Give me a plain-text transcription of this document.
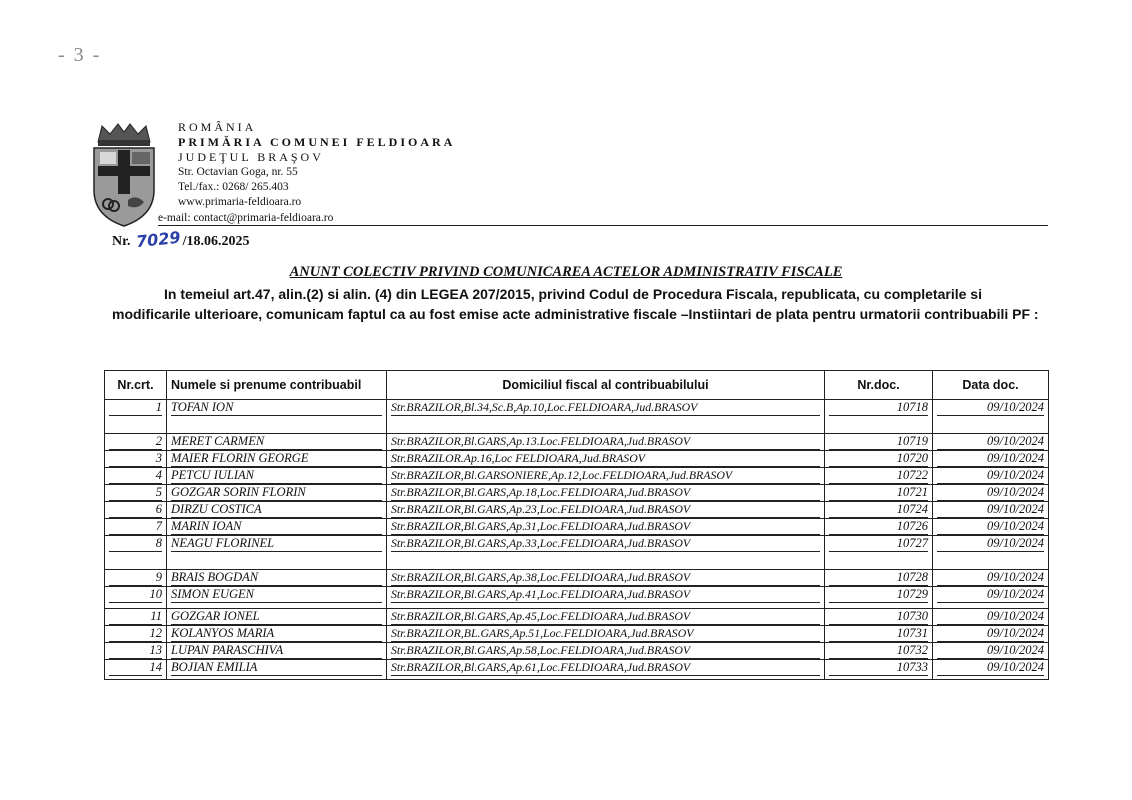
- 3 -
ROMÂNIA
PRIMĂRIA COMUNEI FELDIOARA
JUDEŢUL BRAŞOV
Str. Octavian Goga, nr. 55
Tel./fax.: 0268/ 265.403
www.primaria-feldioara.ro
e-mail: contact@primaria-feldioara.ro
Nr. 7029/18.06.2025
ANUNT COLECTIV PRIVIND COMUNICAREA ACTELOR ADMINISTRATIV FISCALE
In temeiul art.47, alin.(2) si alin. (4) din LEGEA 207/2015, privind Codul de Procedura Fiscala, republicata, cu completarile si modificarile ulterioare, comunicam faptul ca au fost emise acte administrative fiscale –Instiintari de plata pentru urmatorii contribuabili PF :
Nr.crt.	Numele si prenume contribuabil	Domiciliul fiscal al contribuabilului	Nr.doc.	Data doc.
1	TOFAN ION	Str.BRAZILOR,Bl.34,Sc.B,Ap.10,Loc.FELDIOARA,Jud.BRASOV	10718	09/10/2024
2	MERET CARMEN	Str.BRAZILOR,Bl.GARS,Ap.13.Loc.FELDIOARA,Jud.BRASOV	10719	09/10/2024
3	MAIER FLORIN GEORGE	Str.BRAZILOR.Ap.16,Loc FELDIOARA,Jud.BRASOV	10720	09/10/2024
4	PETCU IULIAN	Str.BRAZILOR,Bl.GARSONIERE,Ap.12,Loc.FELDIOARA,Jud.BRASOV	10722	09/10/2024
5	GOZGAR SORIN FLORIN	Str.BRAZILOR,Bl.GARS,Ap.18,Loc.FELDIOARA,Jud.BRASOV	10721	09/10/2024
6	DIRZU COSTICA	Str.BRAZILOR,Bl.GARS,Ap.23,Loc.FELDIOARA,Jud.BRASOV	10724	09/10/2024
7	MARIN IOAN	Str.BRAZILOR,Bl.GARS,Ap.31,Loc.FELDIOARA,Jud.BRASOV	10726	09/10/2024
8	NEAGU FLORINEL	Str.BRAZILOR,Bl.GARS,Ap.33,Loc.FELDIOARA,Jud.BRASOV	10727	09/10/2024
9	BRAIS BOGDAN	Str.BRAZILOR,Bl.GARS,Ap.38,Loc.FELDIOARA,Jud.BRASOV	10728	09/10/2024
10	SIMON EUGEN	Str.BRAZILOR,Bl.GARS,Ap.41,Loc.FELDIOARA,Jud.BRASOV	10729	09/10/2024
11	GOZGAR IONEL	Str.BRAZILOR,Bl.GARS,Ap.45,Loc.FELDIOARA,Jud.BRASOV	10730	09/10/2024
12	KOLANYOS MARIA	Str.BRAZILOR,BL.GARS,Ap.51,Loc.FELDIOARA,Jud.BRASOV	10731	09/10/2024
13	LUPAN PARASCHIVA	Str.BRAZILOR,Bl.GARS,Ap.58,Loc.FELDIOARA,Jud.BRASOV	10732	09/10/2024
14	BOJIAN EMILIA	Str.BRAZILOR,Bl.GARS,Ap.61,Loc.FELDIOARA,Jud.BRASOV	10733	09/10/2024
